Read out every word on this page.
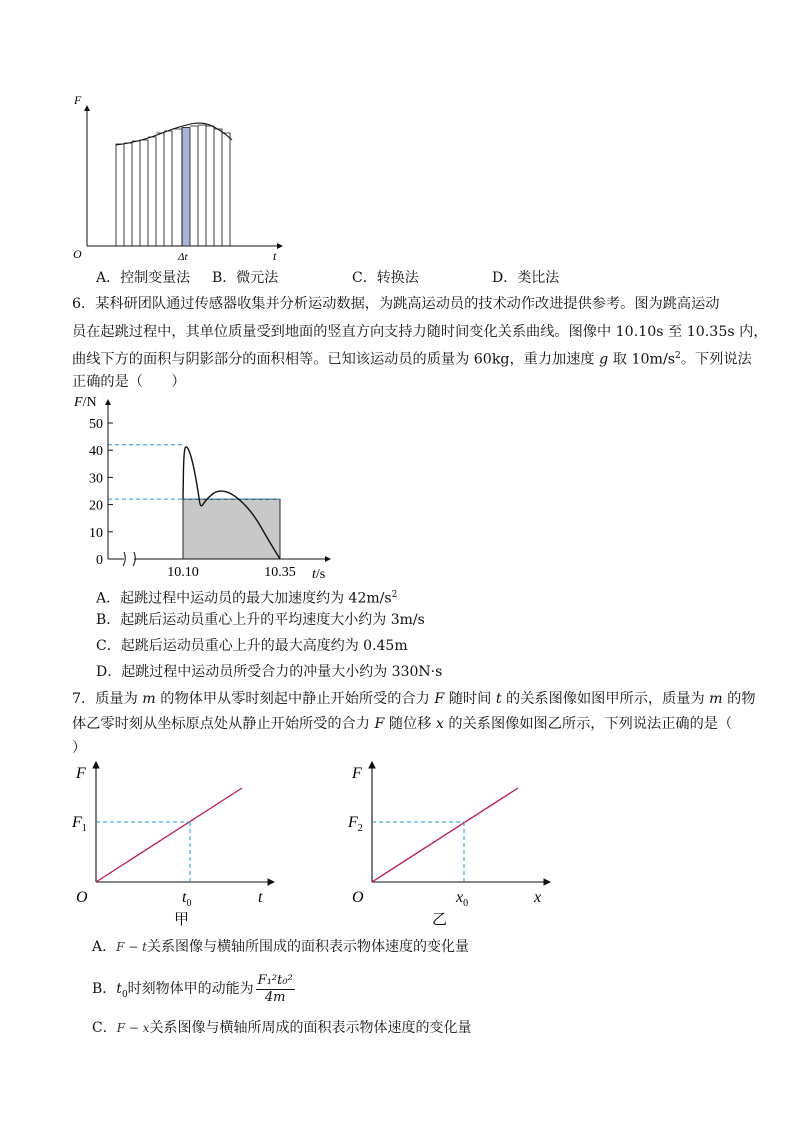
F
O	t
Δt
A．控制变量法 B．微元法	C．转换法	D．类比法
6．某科研团队通过传感器收集并分析运动数据，为跳高运动员的技术动作改进提供参考。图为跳高运动
员在起跳过程中，其单位质量受到地面的竖直方向支持力随时间变化关系曲线。图像中 10.10s 至 10.35s 内，
曲线下方的面积与阴影部分的面积相等。已知该运动员的质量为 60kg，重力加速度 g 取 $10m/s^2$。下列说法
正确的是（　　）
0
10
20
30
40
50
10.10	10.35
F/N
t/s
A．起跳过程中运动员的最大加速度约为 $42m/s^2$
B．起跳后运动员重心上升的平均速度大小约为 3m/s
C．起跳后运动员重心上升的最大高度约为 0.45m
D．起跳过程中运动员所受合力的冲量大小约为 330N·s
7．质量为 m 的物体甲从零时刻起中静止开始所受的合力 F 随时间 t 的关系图像如图甲所示，质量为 m 的物
体乙零时刻从坐标原点处从静止开始所受的合力 F 随位移 x 的关系图像如图乙所示，下列说法正确的是（
）
F
$F_1$
O	$t_0$	t
甲
F
$F_2$
O	$x_0$	x
乙
A．F − t关系图像与横轴所围成的面积表示物体速度的变化量
B．$t_0$时刻物体甲的动能为 $\frac{\text{F₁²t₀²}}{4m}$
C．F − x关系图像与横轴所周成的面积表示物体速度的变化量
